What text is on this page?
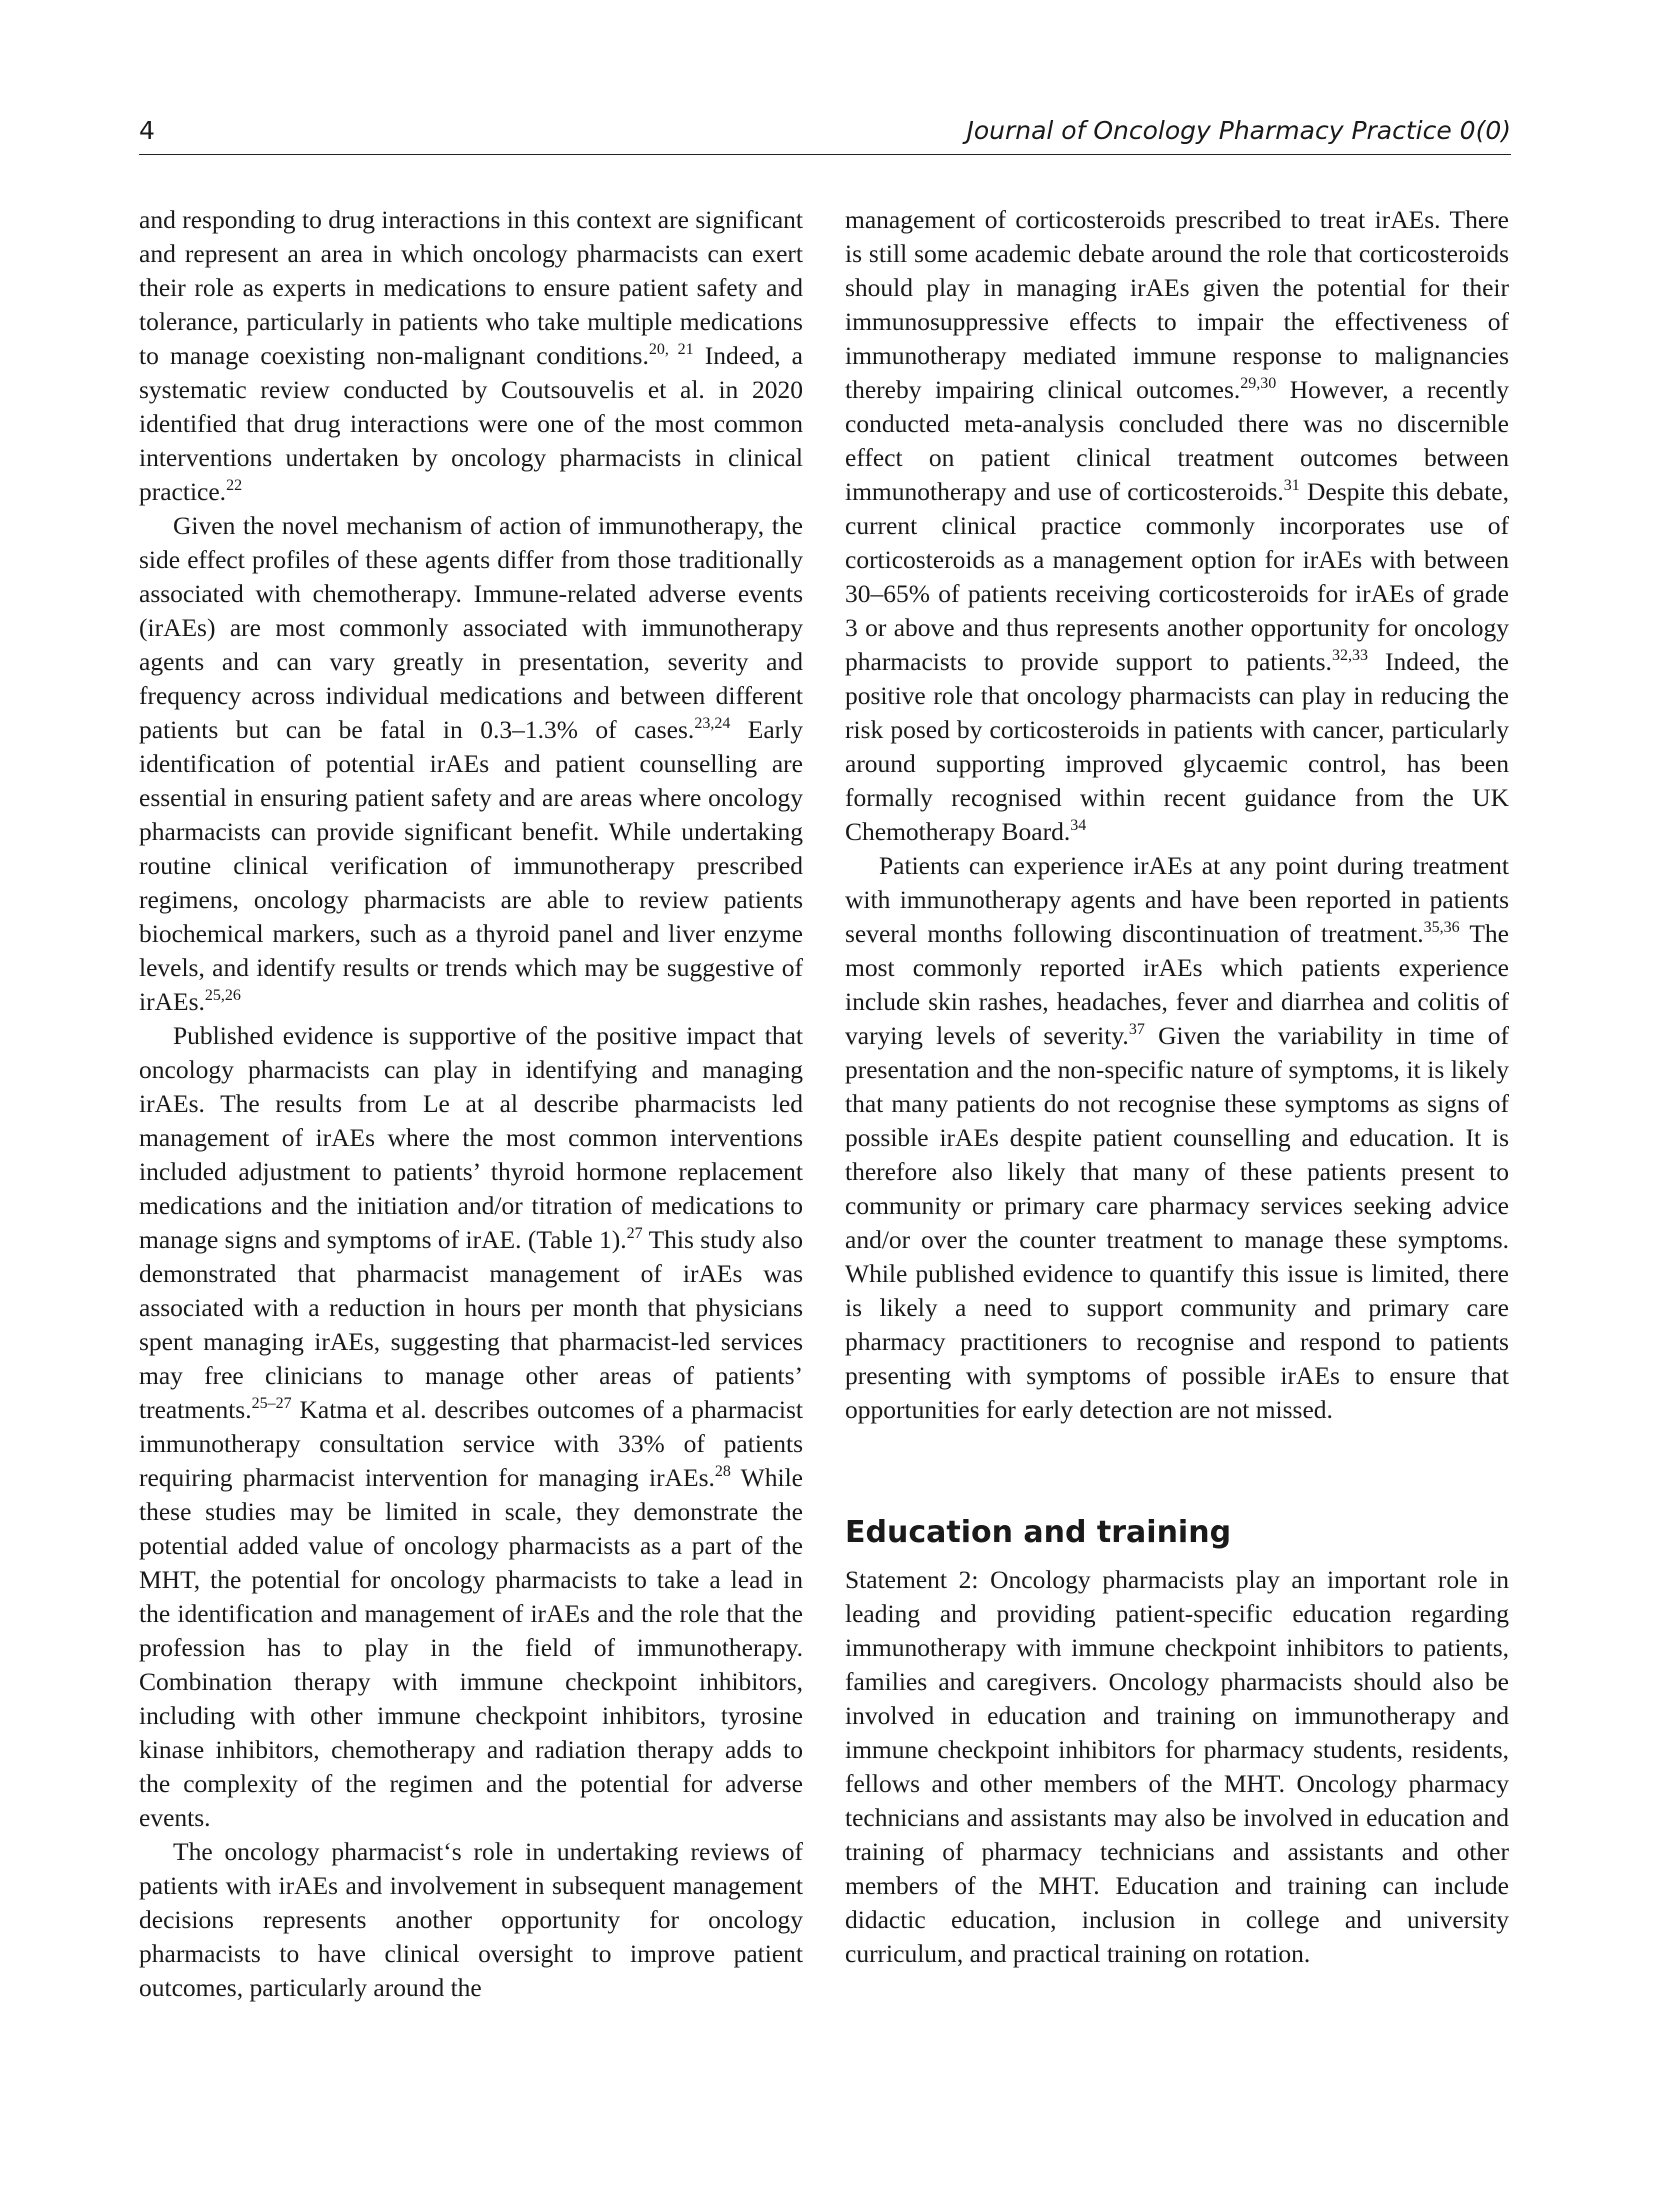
4	Journal of Oncology Pharmacy Practice 0(0)

and responding to drug interactions in this context are significant and represent an area in which oncology pharmacists can exert their role as experts in medications to ensure patient safety and tolerance, particularly in patients who take multiple medications to manage coexisting non-malignant conditions.$^{20, 21}$ Indeed, a systematic review conducted by Coutsouvelis et al. in 2020 identified that drug interactions were one of the most common interventions undertaken by oncology pharmacists in clinical practice.$^{22}$

Given the novel mechanism of action of immunotherapy, the side effect profiles of these agents differ from those traditionally associated with chemotherapy. Immune-related adverse events (irAEs) are most commonly associated with immunotherapy agents and can vary greatly in presentation, severity and frequency across individual medications and between different patients but can be fatal in 0.3–1.3% of cases.$^{23,24}$ Early identification of potential irAEs and patient counselling are essential in ensuring patient safety and are areas where oncology pharmacists can provide significant benefit. While undertaking routine clinical verification of immunotherapy prescribed regimens, oncology pharmacists are able to review patients biochemical markers, such as a thyroid panel and liver enzyme levels, and identify results or trends which may be suggestive of irAEs.$^{25,26}$

Published evidence is supportive of the positive impact that oncology pharmacists can play in identifying and managing irAEs. The results from Le at al describe pharmacists led management of irAEs where the most common interventions included adjustment to patients’ thyroid hormone replacement medications and the initiation and/or titration of medications to manage signs and symptoms of irAE. (Table 1).$^{27}$ This study also demonstrated that pharmacist management of irAEs was associated with a reduction in hours per month that physicians spent managing irAEs, suggesting that pharmacist-led services may free clinicians to manage other areas of patients’ treatments.$^{25-27}$ Katma et al. describes outcomes of a pharmacist immunotherapy consultation service with 33% of patients requiring pharmacist intervention for managing irAEs.$^{28}$ While these studies may be limited in scale, they demonstrate the potential added value of oncology pharmacists as a part of the MHT, the potential for oncology pharmacists to take a lead in the identification and management of irAEs and the role that the profession has to play in the field of immunotherapy. Combination therapy with immune checkpoint inhibitors, including with other immune checkpoint inhibitors, tyrosine kinase inhibitors, chemotherapy and radiation therapy adds to the complexity of the regimen and the potential for adverse events.

The oncology pharmacist‘s role in undertaking reviews of patients with irAEs and involvement in subsequent management decisions represents another opportunity for oncology pharmacists to have clinical oversight to improve patient outcomes, particularly around the

management of corticosteroids prescribed to treat irAEs. There is still some academic debate around the role that corticosteroids should play in managing irAEs given the potential for their immunosuppressive effects to impair the effectiveness of immunotherapy mediated immune response to malignancies thereby impairing clinical outcomes.$^{29,30}$ However, a recently conducted meta-analysis concluded there was no discernible effect on patient clinical treatment outcomes between immunotherapy and use of corticosteroids.$^{31}$ Despite this debate, current clinical practice commonly incorporates use of corticosteroids as a management option for irAEs with between 30–65% of patients receiving corticosteroids for irAEs of grade 3 or above and thus represents another opportunity for oncology pharmacists to provide support to patients.$^{32,33}$ Indeed, the positive role that oncology pharmacists can play in reducing the risk posed by corticosteroids in patients with cancer, particularly around supporting improved glycaemic control, has been formally recognised within recent guidance from the UK Chemotherapy Board.$^{34}$

Patients can experience irAEs at any point during treatment with immunotherapy agents and have been reported in patients several months following discontinuation of treatment.$^{35,36}$ The most commonly reported irAEs which patients experience include skin rashes, headaches, fever and diarrhea and colitis of varying levels of severity.$^{37}$ Given the variability in time of presentation and the non-specific nature of symptoms, it is likely that many patients do not recognise these symptoms as signs of possible irAEs despite patient counselling and education. It is therefore also likely that many of these patients present to community or primary care pharmacy services seeking advice and/or over the counter treatment to manage these symptoms. While published evidence to quantify this issue is limited, there is likely a need to support community and primary care pharmacy practitioners to recognise and respond to patients presenting with symptoms of possible irAEs to ensure that opportunities for early detection are not missed.

Education and training

Statement 2: Oncology pharmacists play an important role in leading and providing patient-specific education regarding immunotherapy with immune checkpoint inhibitors to patients, families and caregivers. Oncology pharmacists should also be involved in education and training on immunotherapy and immune checkpoint inhibitors for pharmacy students, residents, fellows and other members of the MHT. Oncology pharmacy technicians and assistants may also be involved in education and training of pharmacy technicians and assistants and other members of the MHT. Education and training can include didactic education, inclusion in college and university curriculum, and practical training on rotation.
